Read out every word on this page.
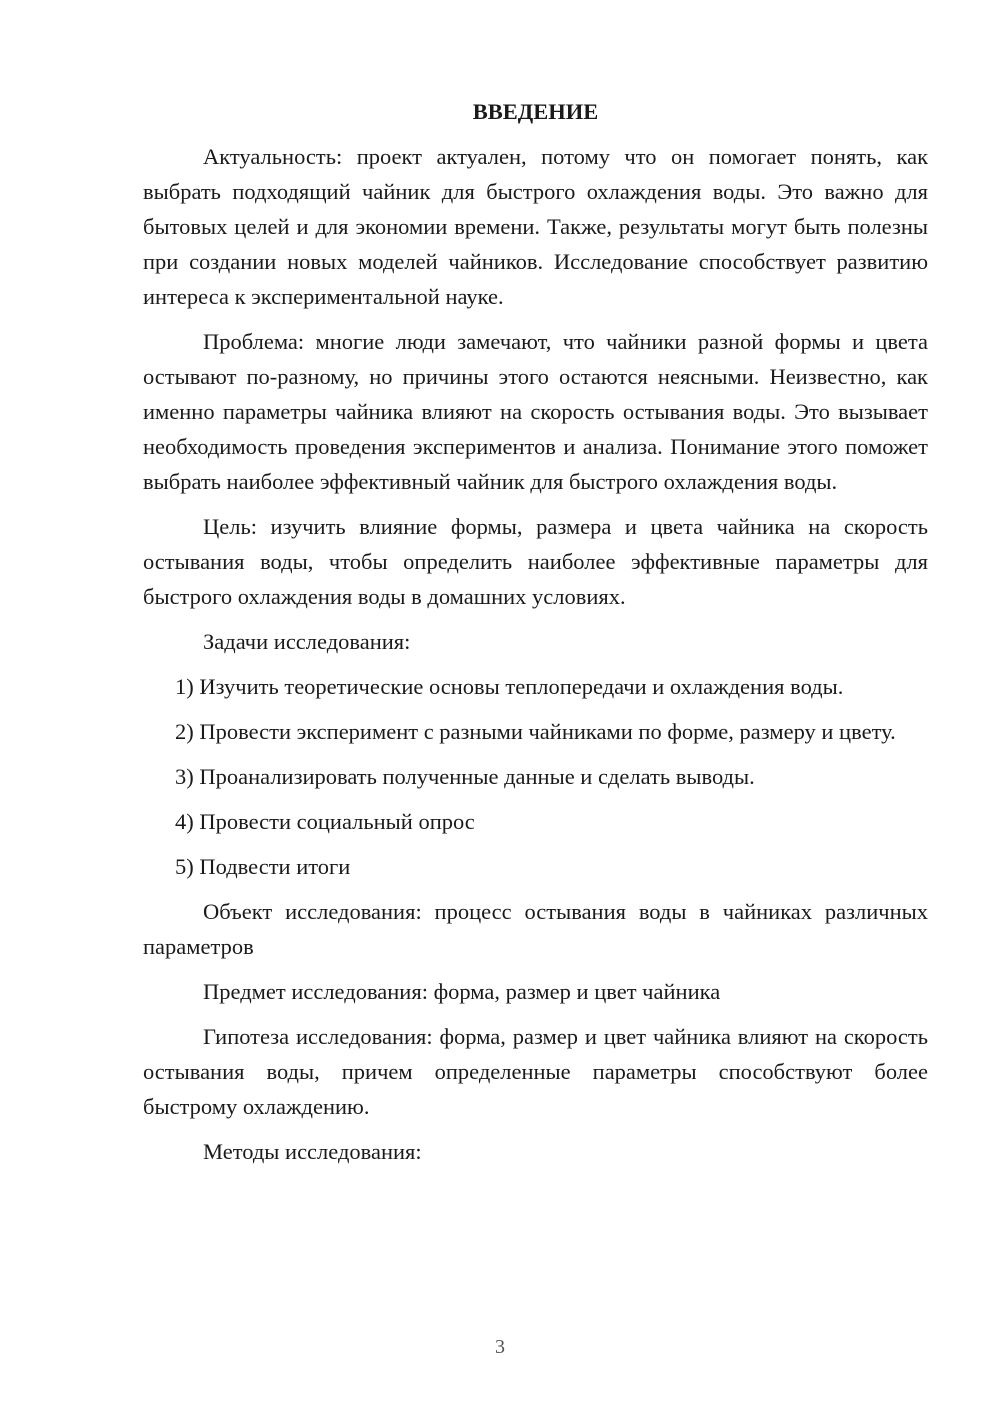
ВВЕДЕНИЕ

Актуальность: проект актуален, потому что он помогает понять, как выбрать подходящий чайник для быстрого охлаждения воды. Это важно для бытовых целей и для экономии времени. Также, результаты могут быть полезны при создании новых моделей чайников. Исследование способствует развитию интереса к экспериментальной науке.

Проблема: многие люди замечают, что чайники разной формы и цвета остывают по-разному, но причины этого остаются неясными. Неизвестно, как именно параметры чайника влияют на скорость остывания воды. Это вызывает необходимость проведения экспериментов и анализа. Понимание этого поможет выбрать наиболее эффективный чайник для быстрого охлаждения воды.

Цель: изучить влияние формы, размера и цвета чайника на скорость остывания воды, чтобы определить наиболее эффективные параметры для быстрого охлаждения воды в домашних условиях.

Задачи исследования:

1) Изучить теоретические основы теплопередачи и охлаждения воды.

2) Провести эксперимент с разными чайниками по форме, размеру и цвету.

3) Проанализировать полученные данные и сделать выводы.

4) Провести социальный опрос

5) Подвести итоги

Объект исследования: процесс остывания воды в чайниках различных параметров

Предмет исследования: форма, размер и цвет чайника

Гипотеза исследования: форма, размер и цвет чайника влияют на скорость остывания воды, причем определенные параметры способствуют более быстрому охлаждению.

Методы исследования:

3
